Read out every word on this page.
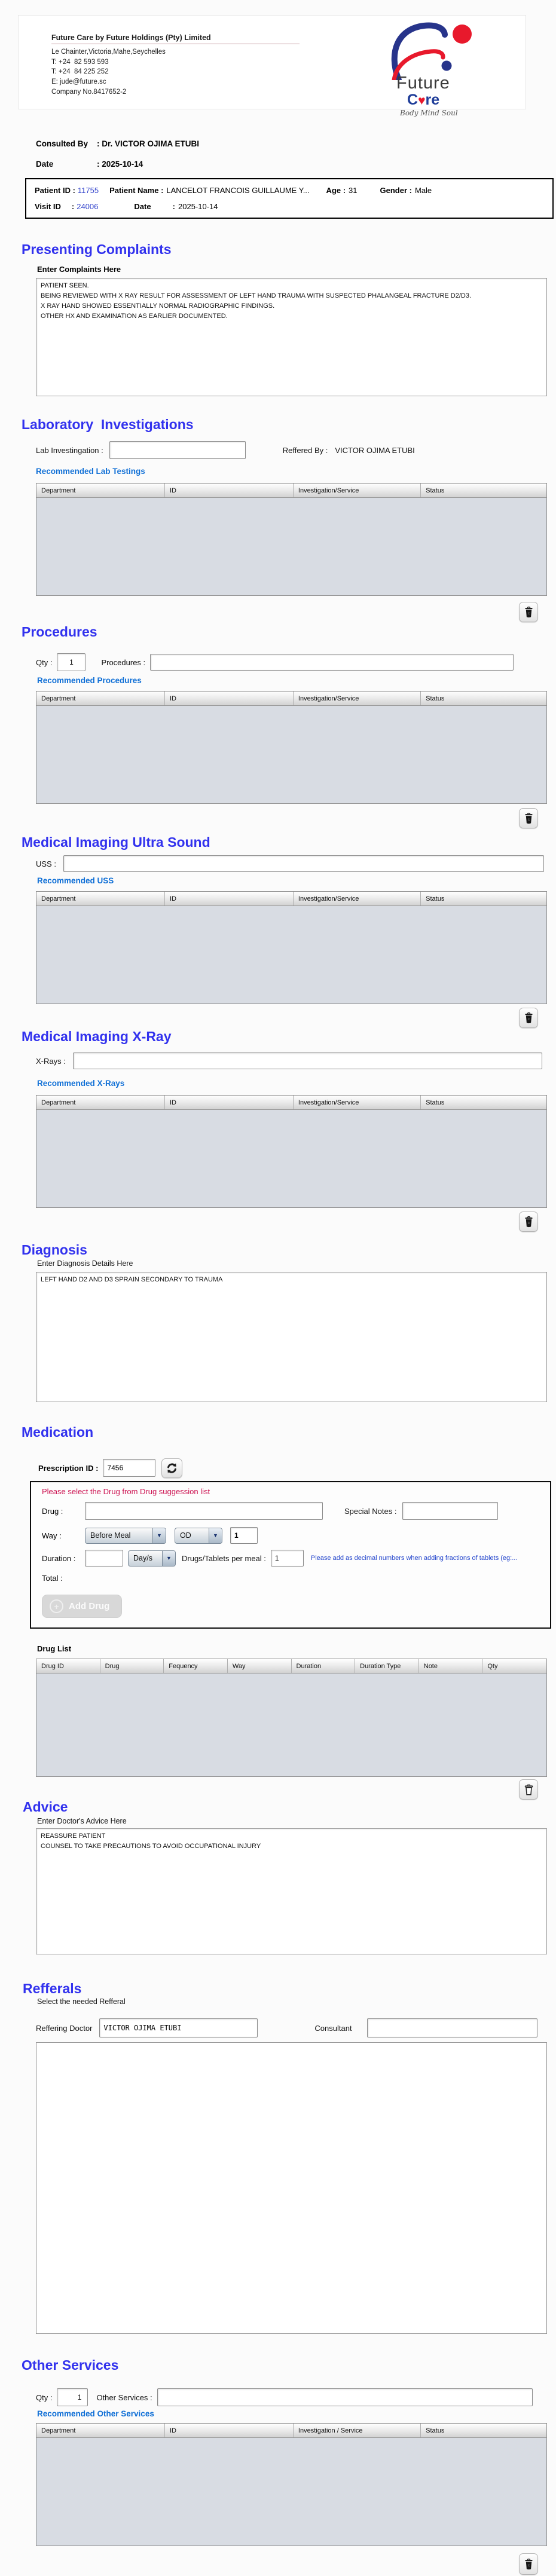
Future Care by Future Holdings (Pty) Limited
Le Chainter,Victoria,Mahe,Seychelles
T: +24  82 593 593
T: +24  84 225 252
E: jude@future.sc
Company No.8417652-2	Future
C♥re
Body Mind Soul
Consulted By	: Dr. VICTOR OJIMA ETUBI
Date	: 2025-10-14
Patient ID : 11755 Patient Name : LANCELOT FRANCOIS GUILLAUME Y... Age : 31	Gender : Male
Visit ID     : 24006	Date          : 2025-10-14
Presenting Complaints
Enter Complaints Here
PATIENT SEEN. BEING REVIEWED WITH X RAY RESULT FOR ASSESSMENT OF LEFT HAND TRAUMA WITH SUSPECTED PHALANGEAL FRACTURE D2/D3. X RAY HAND SHOWED ESSENTIALLY NORMAL RADIOGRAPHIC FINDINGS. OTHER HX AND EXAMINATION AS EARLIER DOCUMENTED.
Laboratory  Investigations
Lab Investingation :	Reffered By : VICTOR OJIMA ETUBI
Recommended Lab Testings
Department	ID	Investigation/Service	Status
Procedures
Qty :
1	Procedures :
Recommended Procedures
Department	ID	Investigation/Service	Status
Medical Imaging Ultra Sound
USS :
Recommended USS
Department	ID	Investigation/Service	Status
Medical Imaging X-Ray
X-Rays :
Recommended X-Rays
Department	ID	Investigation/Service	Status
Diagnosis
Enter Diagnosis Details Here
LEFT HAND D2 AND D3 SPRAIN SECONDARY TO TRAUMA
Medication
Prescription ID :
7456
Please select the Drug from Drug suggession list
Drug :	Special Notes :
Way :	Before Meal	▼	OD	▼
1
Duration :	Day/s	▼	Drugs/Tablets per meal :
1	Please add as decimal numbers when adding fractions of tablets (eg:...
Total :
+	Add Drug
Drug List
Drug ID	Drug	Fequency	Way	Duration	Duration Type	Note	Qty
Advice
Enter Doctor's Advice Here
REASSURE PATIENT COUNSEL TO TAKE PRECAUTIONS TO AVOID OCCUPATIONAL INJURY
Refferals
Select the needed Refferal
Reffering Doctor
VICTOR OJIMA ETUBI	Consultant
Other Services
Qty :
1	Other Services :
Recommended Other Services
Department	ID	Investigation / Service	Status
